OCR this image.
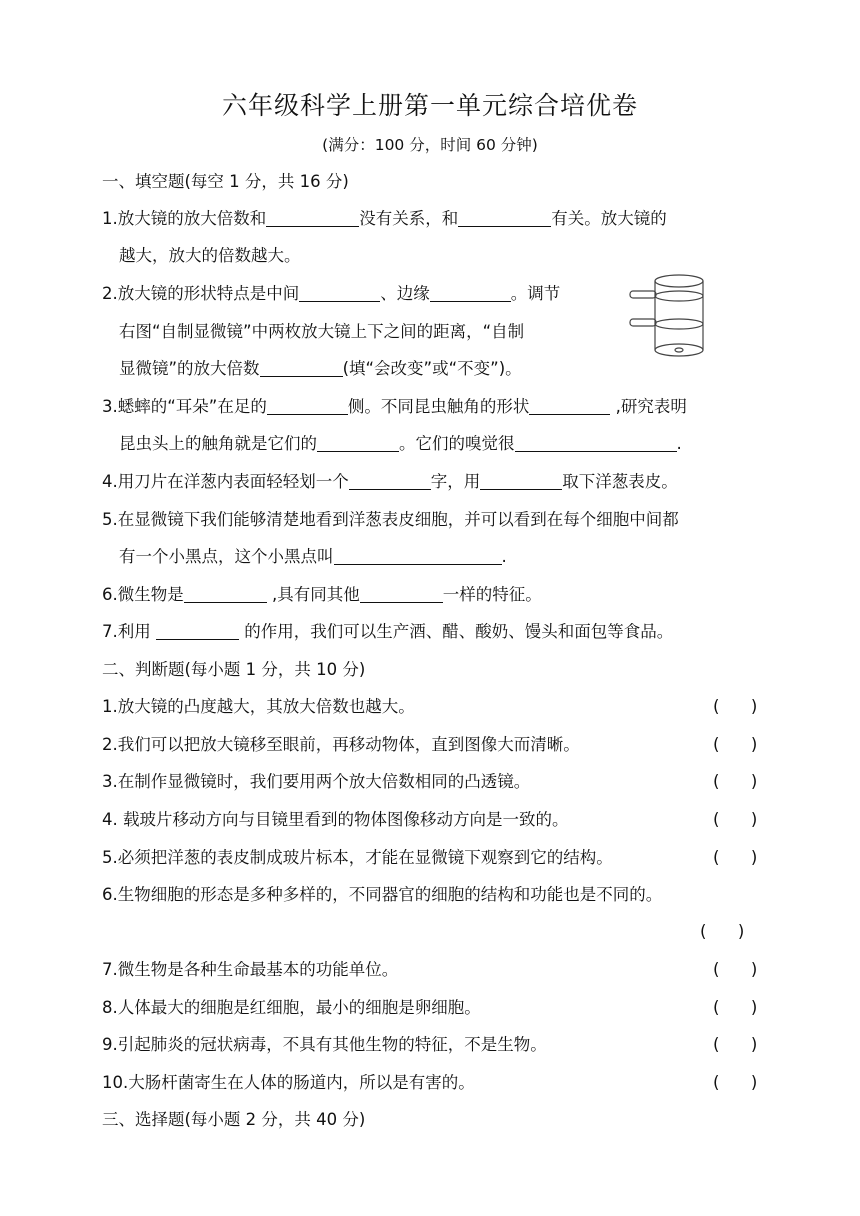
六年级科学上册第一单元综合培优卷
(满分：100 分，时间 60 分钟)
一、填空题(每空 1 分，共 16 分)
1.放大镜的放大倍数和	没有关系，和	有关。放大镜的
越大，放大的倍数越大。
2.放大镜的形状特点是中间	、边缘	。调节
右图“自制显微镜”中两枚放大镜上下之间的距离，“自制
显微镜”的放大倍数	(填“会改变”或“不变”)。
3.蟋蟀的“耳朵”在足的	侧。不同昆虫触角的形状	,研究表明
昆虫头上的触角就是它们的	。它们的嗅觉很	.
4.用刀片在洋葱内表面轻轻划一个	字，用	取下洋葱表皮。
5.在显微镜下我们能够清楚地看到洋葱表皮细胞，并可以看到在每个细胞中间都
有一个小黑点，这个小黑点叫	.
6.微生物是	,具有同其他	一样的特征。
7.利用	的作用，我们可以生产酒、醋、酸奶、馒头和面包等食品。
二、判断题(每小题 1 分，共 10 分)
1.放大镜的凸度越大，其放大倍数也越大。	(      )
2.我们可以把放大镜移至眼前，再移动物体，直到图像大而清晰。	(      )
3.在制作显微镜时，我们要用两个放大倍数相同的凸透镜。	(      )
4. 载玻片移动方向与目镜里看到的物体图像移动方向是一致的。	(      )
5.必须把洋葱的表皮制成玻片标本，才能在显微镜下观察到它的结构。	(      )
6.生物细胞的形态是多种多样的，不同器官的细胞的结构和功能也是不同的。
(      )
7.微生物是各种生命最基本的功能单位。	(      )
8.人体最大的细胞是红细胞，最小的细胞是卵细胞。	(      )
9.引起肺炎的冠状病毒，不具有其他生物的特征，不是生物。	(      )
10.大肠杆菌寄生在人体的肠道内，所以是有害的。	(      )
三、选择题(每小题 2 分，共 40 分)
